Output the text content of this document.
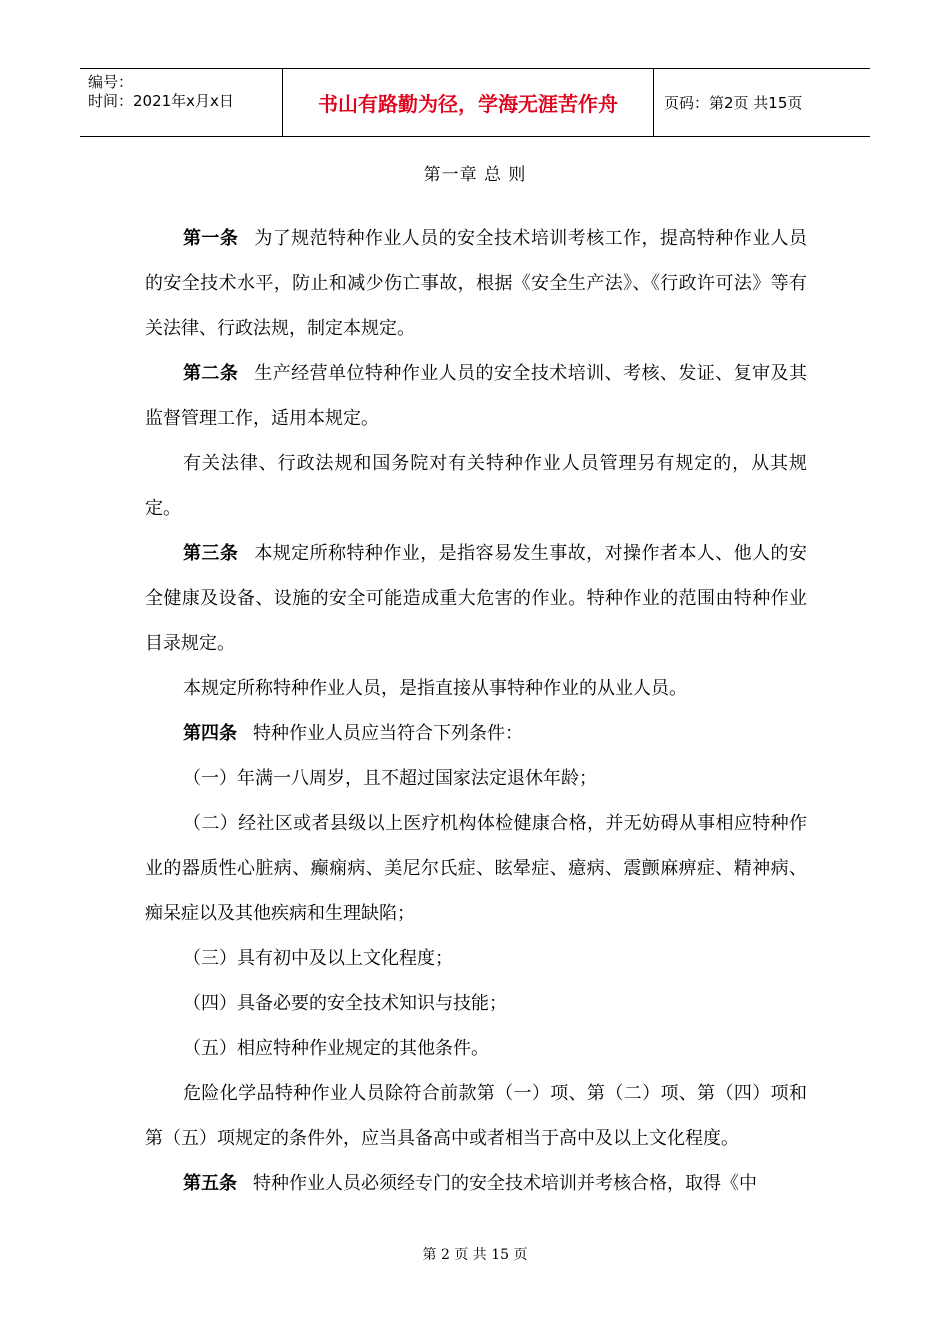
编号：
时间：2021年x月x日	书山有路勤为径，学海无涯苦作舟	页码：第2页 共15页
第一章 总 则

第一条 为了规范特种作业人员的安全技术培训考核工作，提高特种作业人员的安全技术水平，防止和减少伤亡事故，根据《安全生产法》、《行政许可法》等有关法律、行政法规，制定本规定。

第二条 生产经营单位特种作业人员的安全技术培训、考核、发证、复审及其监督管理工作，适用本规定。

有关法律、行政法规和国务院对有关特种作业人员管理另有规定的，从其规定。

第三条 本规定所称特种作业，是指容易发生事故，对操作者本人、他人的安全健康及设备、设施的安全可能造成重大危害的作业。特种作业的范围由特种作业目录规定。

本规定所称特种作业人员，是指直接从事特种作业的从业人员。

第四条 特种作业人员应当符合下列条件：

（一）年满一八周岁，且不超过国家法定退休年龄；

（二）经社区或者县级以上医疗机构体检健康合格，并无妨碍从事相应特种作业的器质性心脏病、癫痫病、美尼尔氏症、眩晕症、癔病、震颤麻痹症、精神病、痴呆症以及其他疾病和生理缺陷；

（三）具有初中及以上文化程度；

（四）具备必要的安全技术知识与技能；

（五）相应特种作业规定的其他条件。

危险化学品特种作业人员除符合前款第（一）项、第（二）项、第（四）项和第（五）项规定的条件外，应当具备高中或者相当于高中及以上文化程度。

第五条 特种作业人员必须经专门的安全技术培训并考核合格，取得《中

第 2 页 共 15 页
